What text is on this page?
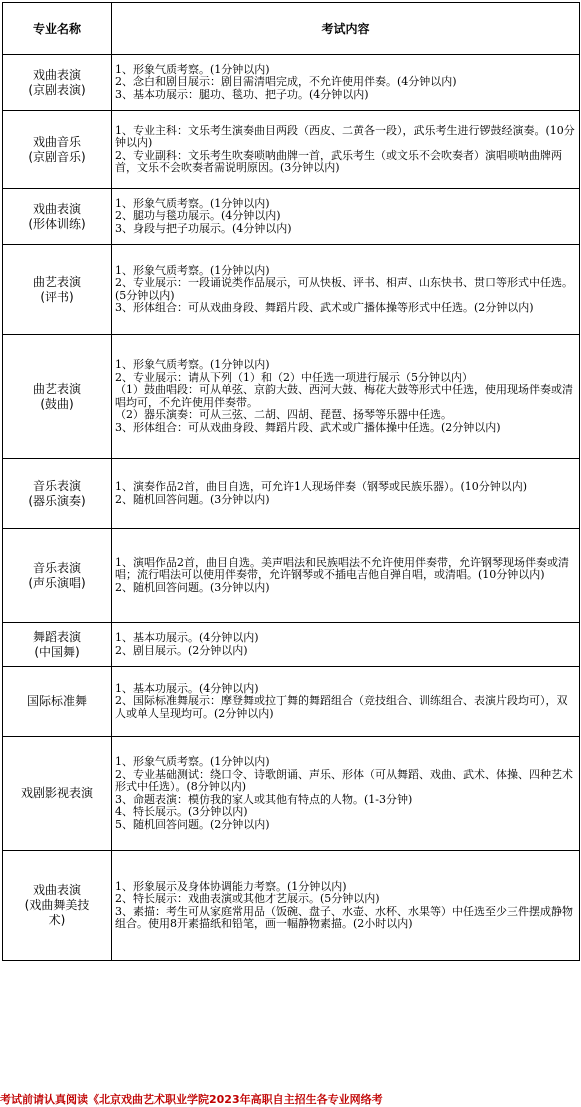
专业名称	考试内容

戏曲表演
(京剧表演)	1、形象气质考察。(1分钟以内)
2、念白和剧目展示：剧目需清唱完成，不允许使用伴奏。(4分钟以内)
3、基本功展示：腿功、毯功、把子功。(4分钟以内)

戏曲音乐
(京剧音乐)	1、专业主科：文乐考生演奏曲目两段（西皮、二黄各一段），武乐考生进行锣鼓经演奏。(10分钟以内)
2、专业副科：文乐考生吹奏唢呐曲牌一首，武乐考生（或文乐不会吹奏者）演唱唢呐曲牌两首，文乐不会吹奏者需说明原因。(3分钟以内)

戏曲表演
(形体训练)	1、形象气质考察。(1分钟以内)
2、腿功与毯功展示。(4分钟以内)
3、身段与把子功展示。(4分钟以内)

曲艺表演
(评书)	1、形象气质考察。(1分钟以内)
2、专业展示：一段诵说类作品展示，可从快板、评书、相声、山东快书、贯口等形式中任选。(5分钟以内)
3、形体组合：可从戏曲身段、舞蹈片段、武术或广播体操等形式中任选。(2分钟以内)

曲艺表演
(鼓曲)	1、形象气质考察。(1分钟以内)
2、专业展示：请从下列（1）和（2）中任选一项进行展示（5分钟以内）
（1）鼓曲唱段：可从单弦、京韵大鼓、西河大鼓、梅花大鼓等形式中任选，使用现场伴奏或清唱均可，不允许使用伴奏带。
（2）器乐演奏：可从三弦、二胡、四胡、琵琶、扬琴等乐器中任选。
3、形体组合：可从戏曲身段、舞蹈片段、武术或广播体操中任选。(2分钟以内)

音乐表演
(器乐演奏)	1、演奏作品2首，曲目自选，可允许1人现场伴奏（钢琴或民族乐器）。(10分钟以内)
2、随机回答问题。(3分钟以内)

音乐表演
(声乐演唱)	1、演唱作品2首，曲目自选。美声唱法和民族唱法不允许使用伴奏带，允许钢琴现场伴奏或清唱；流行唱法可以使用伴奏带，允许钢琴或不插电吉他自弹自唱，或清唱。(10分钟以内)
2、随机回答问题。(3分钟以内)

舞蹈表演
(中国舞)	1、基本功展示。(4分钟以内)
2、剧目展示。(2分钟以内)

国际标准舞	1、基本功展示。(4分钟以内)
2、国际标准舞展示：摩登舞或拉丁舞的舞蹈组合（竞技组合、训练组合、表演片段均可），双人或单人呈现均可。(2分钟以内)

戏剧影视表演	1、形象气质考察。(1分钟以内)
2、专业基础测试：绕口令、诗歌朗诵、声乐、形体（可从舞蹈、戏曲、武术、体操、四种艺术形式中任选）。(8分钟以内)
3、命题表演：模仿我的家人或其他有特点的人物。(1-3分钟)
4、特长展示。(3分钟以内)
5、随机回答问题。(2分钟以内)

戏曲表演
(戏曲舞美技
术)	1、形象展示及身体协调能力考察。(1分钟以内)
2、特长展示：戏曲表演或其他才艺展示。(5分钟以内)
3、素描：考生可从家庭常用品（饭碗、盘子、水壶、水杯、水果等）中任选至少三件摆成静物组合。使用8开素描纸和铅笔，画一幅静物素描。(2小时以内)
考试前请认真阅读《北京戏曲艺术职业学院2023年高职自主招生各专业网络考
